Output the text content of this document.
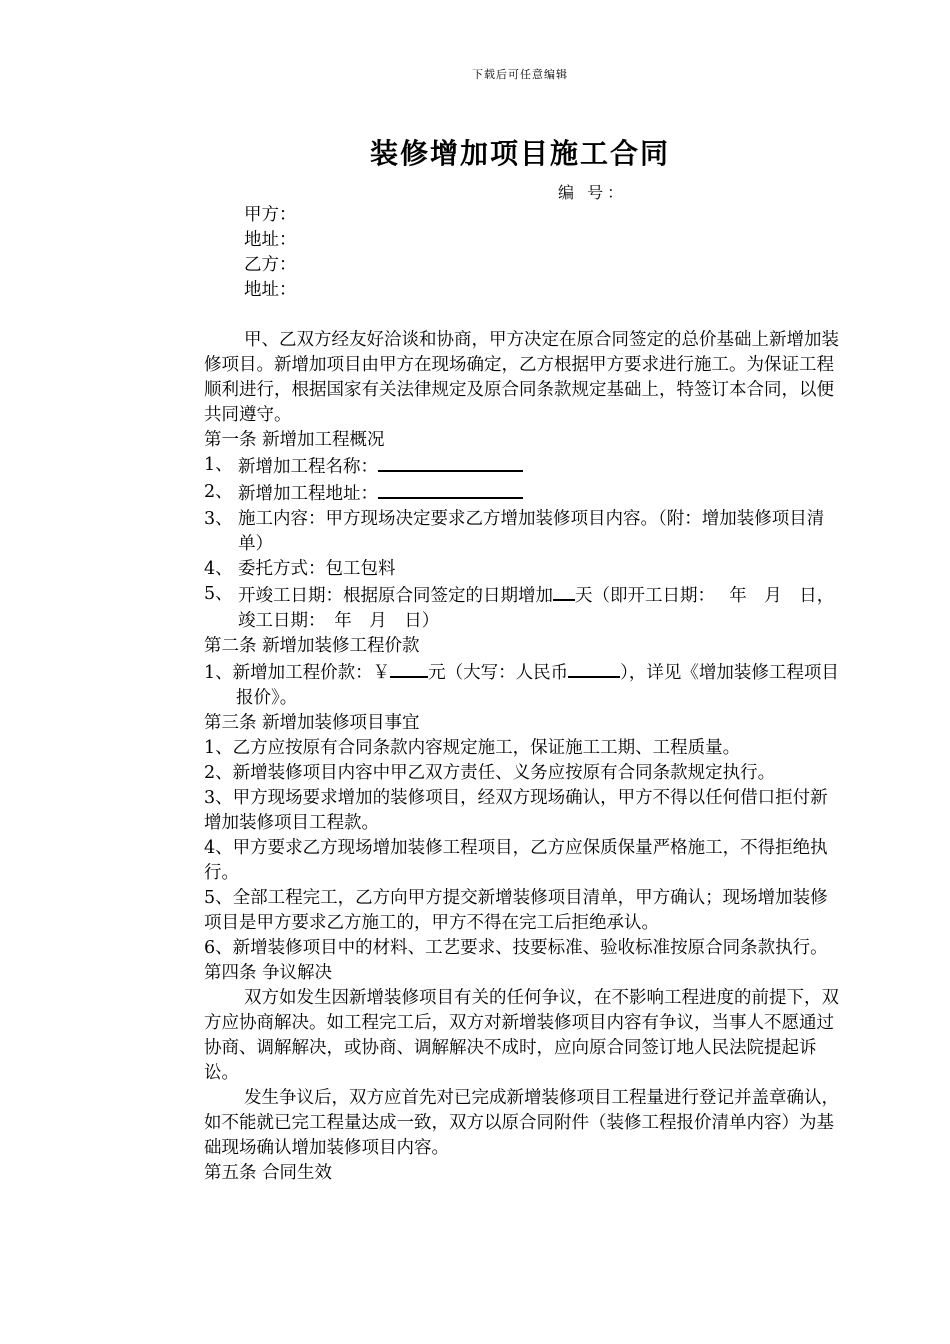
下载后可任意编辑
装修增加项目施工合同
编 号：

甲方：

地址：

乙方：

地址：

甲、乙双方经友好洽谈和协商，甲方决定在原合同签定的总价基础上新增加装修项目。新增加项目由甲方在现场确定，乙方根据甲方要求进行施工。为保证工程顺利进行，根据国家有关法律规定及原合同条款规定基础上，特签订本合同，以便共同遵守。

第一条 新增加工程概况

1、 新增加工程名称：
2、 新增加工程地址：
3、 施工内容：甲方现场决定要求乙方增加装修项目内容。（附：增加装修项目清单）
4、 委托方式：包工包料
5、 开竣工日期：根据原合同签定的日期增加 天（即开工日期：　 年　月　日，竣工日期：　年　月　日）

第二条 新增加装修工程价款

1、新增加工程价款：￥ 元（大写：人民币	），详见《增加装修工程项目报价》。

第三条 新增加装修项目事宜

1、乙方应按原有合同条款内容规定施工，保证施工工期、工程质量。

2、新增装修项目内容中甲乙双方责任、义务应按原有合同条款规定执行。

3、甲方现场要求增加的装修项目，经双方现场确认，甲方不得以任何借口拒付新增加装修项目工程款。

4、甲方要求乙方现场增加装修工程项目，乙方应保质保量严格施工，不得拒绝执行。

5、全部工程完工，乙方向甲方提交新增装修项目清单，甲方确认；现场增加装修项目是甲方要求乙方施工的，甲方不得在完工后拒绝承认。

6、新增装修项目中的材料、工艺要求、技要标准、验收标准按原合同条款执行。

第四条 争议解决

双方如发生因新增装修项目有关的任何争议，在不影响工程进度的前提下，双方应协商解决。如工程完工后，双方对新增装修项目内容有争议，当事人不愿通过协商、调解解决，或协商、调解解决不成时，应向原合同签订地人民法院提起诉讼。

发生争议后，双方应首先对已完成新增装修项目工程量进行登记并盖章确认，如不能就已完工程量达成一致，双方以原合同附件（装修工程报价清单内容）为基础现场确认增加装修项目内容。

第五条 合同生效
